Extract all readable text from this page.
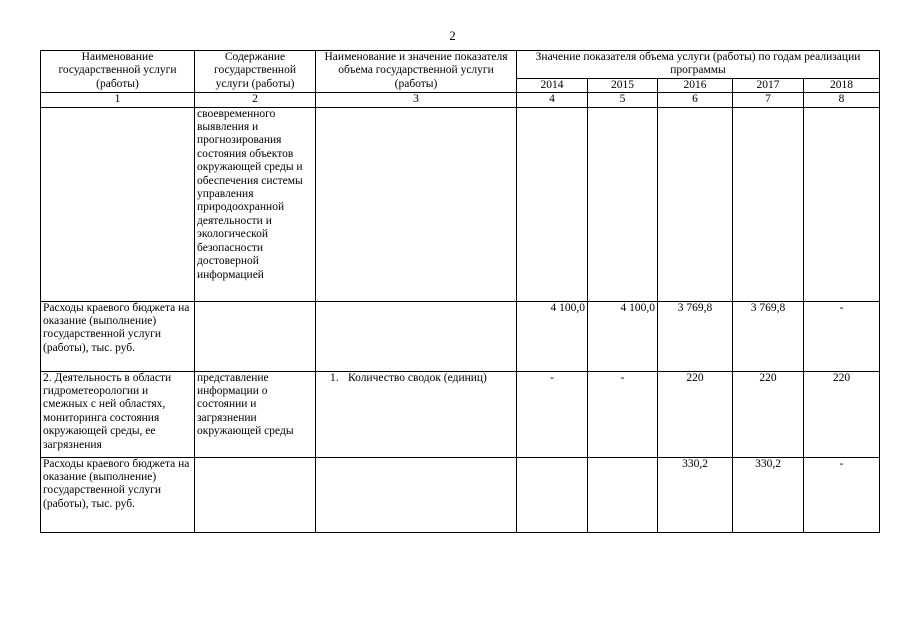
2
Наименование государственной услуги (работы)	Содержание государственной услуги (работы)	Наименование и значение показателя объема государственной услуги (работы)	Значение показателя объема услуги (работы) по годам реализации программы				
			2014	2015	2016	2017	2018
1	2	3	4	5	6	7	8
	своевременного выявления и прогнозирования состояния объектов окружающей среды и обеспечения системы управления природоохранной деятельности и экологической безопасности достоверной информацией						
Расходы краевого бюджета на оказание (выполнение) государственной услуги (работы), тыс. руб.			4 100,0	4 100,0	3 769,8	3 769,8	-
2. Деятельность в области гидрометеорологии и смежных с ней областях, мониторинга состояния окружающей среды, ее загрязнения	представление информации о состоянии и загрязнении окружающей среды	1. Количество сводок (единиц)	-	-	220	220	220
Расходы краевого бюджета на оказание (выполнение) государственной услуги (работы), тыс. руб.					330,2	330,2	-
